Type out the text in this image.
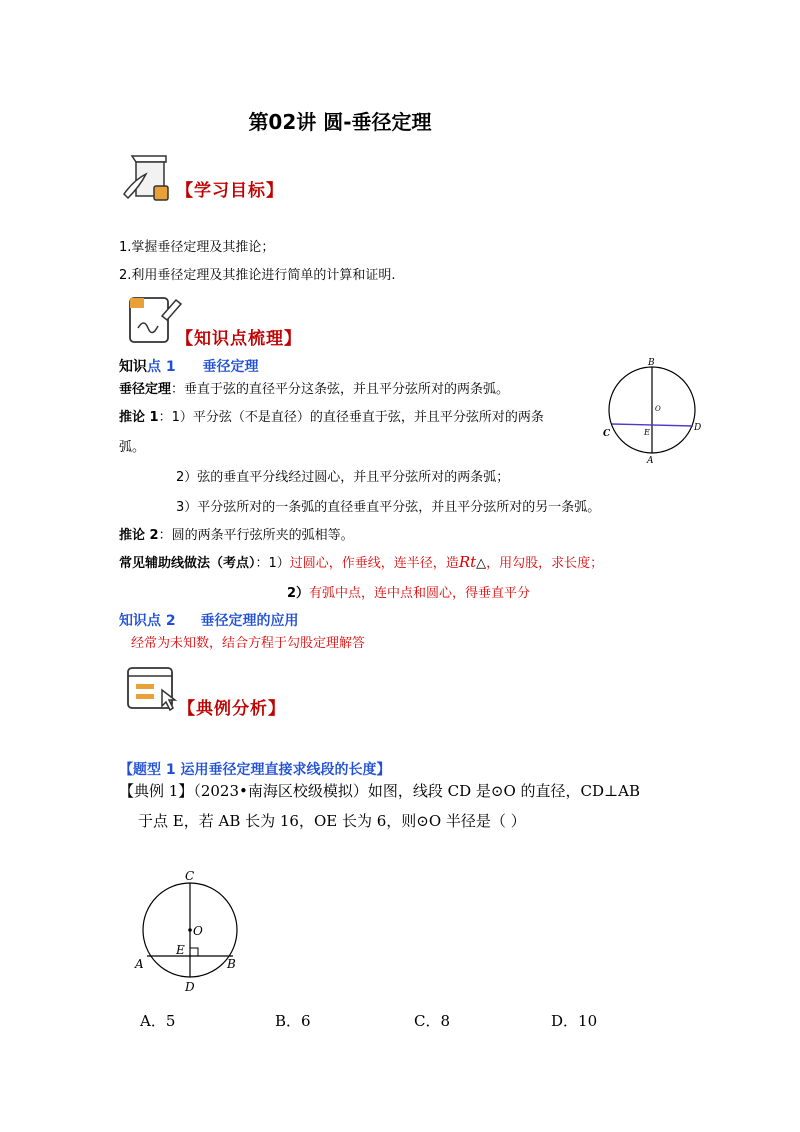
第02讲 圆-垂径定理
【学习目标】
1.掌握垂径定理及其推论；
2.利用垂径定理及其推论进行简单的计算和证明.
【知识点梳理】
知识点 1 垂径定理
垂径定理：垂直于弦的直径平分这条弦，并且平分弦所对的两条弧。
推论 1：1）平分弦（不是直径）的直径垂直于弦，并且平分弦所对的两条
弧。
2）弦的垂直平分线经过圆心，并且平分弦所对的两条弧；
3）平分弦所对的一条弧的直径垂直平分弦，并且平分弦所对的另一条弧。
推论 2：圆的两条平行弦所夹的弧相等。
常见辅助线做法（考点）：1）过圆心，作垂线，连半径，造Rt△，用勾股，求长度；
2）有弧中点，连中点和圆心，得垂直平分
B
O
C	E	D
A
知识点 2 垂径定理的应用
经常为未知数，结合方程于勾股定理解答
【典例分析】
【题型 1 运用垂径定理直接求线段的长度】
【典例 1】（2023•南海区校级模拟）如图，线段 CD 是⊙O 的直径，CD⊥AB
于点 E，若 AB 长为 16，OE 长为 6，则⊙O 半径是（ ）
C
O
E
A	B
D
A．5	B．6	C．8	D．10
